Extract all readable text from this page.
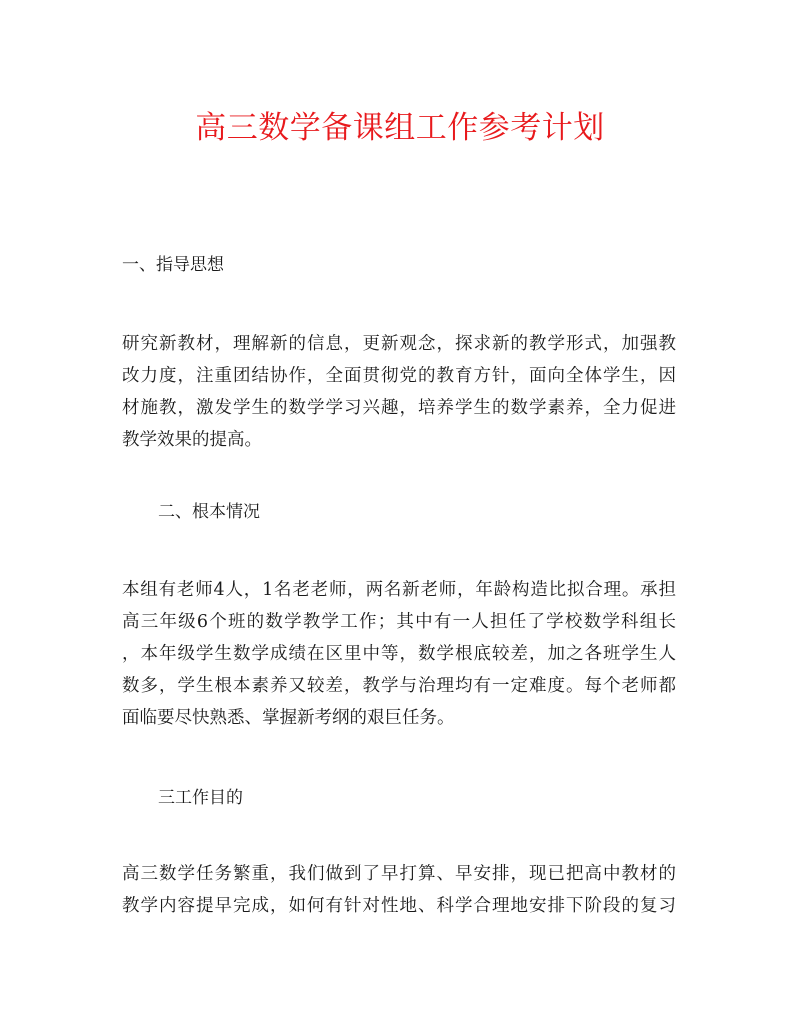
高三数学备课组工作参考计划
一、指导思想
研究新教材，理解新的信息，更新观念，探求新的教学形式，加强教
改力度，注重团结协作，全面贯彻党的教育方针，面向全体学生，因
材施教，激发学生的数学学习兴趣，培养学生的数学素养，全力促进
教学效果的提高。
二、根本情况
本组有老师4人，1名老老师，两名新老师，年龄构造比拟合理。承担
高三年级6个班的数学教学工作；其中有一人担任了学校数学科组长
，本年级学生数学成绩在区里中等，数学根底较差，加之各班学生人
数多，学生根本素养又较差，教学与治理均有一定难度。每个老师都
面临要尽快熟悉、掌握新考纲的艰巨任务。
三工作目的
高三数学任务繁重，我们做到了早打算、早安排，现已把高中教材的
教学内容提早完成，如何有针对性地、科学合理地安排下阶段的复习
